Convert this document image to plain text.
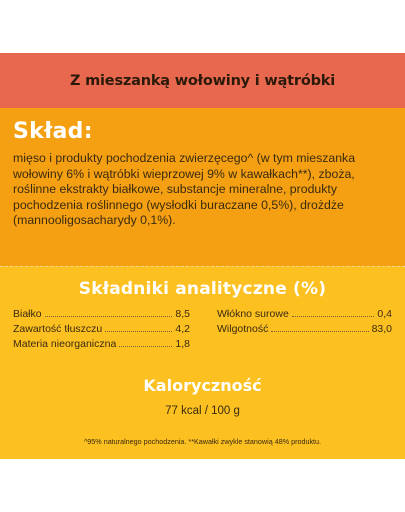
Z mieszanką wołowiny i wątróbki
Skład:
mięso i produkty pochodzenia zwierzęcego^ (w tym mieszanka wołowiny 6% i wątróbki wieprzowej 9% w kawałkach**), zboża, roślinne ekstrakty białkowe, substancje mineralne, produkty pochodzenia roślinnego (wysłodki buraczane 0,5%), drożdże (mannooligosacharydy 0,1%).
Składniki analityczne (%)
Białko	8,5
Zawartość tłuszczu	4,2
Materia nieorganiczna	1,8
Włókno surowe	0,4
Wilgotność	83,0
Kaloryczność
77 kcal / 100 g
^95% naturalnego pochodzenia. **Kawałki zwykle stanowią 48% produktu.
